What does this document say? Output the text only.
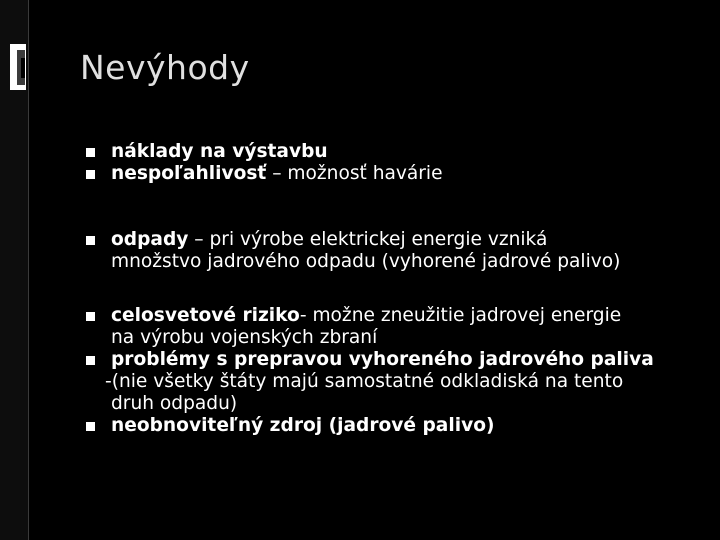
Nevýhody

náklady na výstavbu

nespoľahlivosť – možnosť havárie

odpady – pri výrobe elektrickej energie vzniká
množstvo jadrového odpadu (vyhorené jadrové palivo)

celosvetové riziko- možne zneužitie jadrovej energie
na výrobu vojenských zbraní

problémy s prepravou vyhoreného jadrového paliva
-(nie všetky štáty majú samostatné odkladiská na tento
druh odpadu)

neobnoviteľný zdroj (jadrové palivo)
